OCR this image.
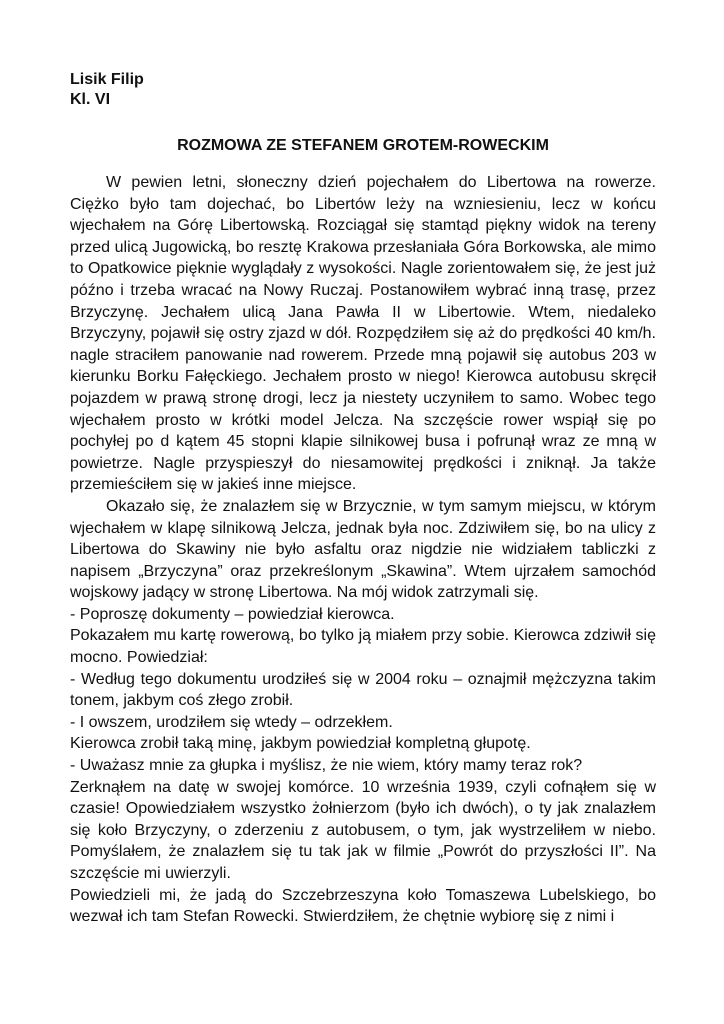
Lisik Filip
Kl. VI
ROZMOWA ZE STEFANEM GROTEM-ROWECKIM

W pewien letni, słoneczny dzień pojechałem do Libertowa na rowerze. Ciężko było tam dojechać, bo Libertów leży na wzniesieniu, lecz w końcu wjechałem na Górę Libertowską. Rozciągał się stamtąd piękny widok na tereny przed ulicą Jugowicką, bo resztę Krakowa przesłaniała Góra Borkowska, ale mimo to Opatkowice pięknie wyglądały z wysokości. Nagle zorientowałem się, że jest już późno i trzeba wracać na Nowy Ruczaj. Postanowiłem wybrać inną trasę, przez Brzyczynę. Jechałem ulicą Jana Pawła II w Libertowie. Wtem, niedaleko Brzyczyny, pojawił się ostry zjazd w dół. Rozpędziłem się aż do prędkości 40 km/h. nagle straciłem panowanie nad rowerem. Przede mną pojawił się autobus 203 w kierunku Borku Fałęckiego. Jechałem prosto w niego! Kierowca autobusu skręcił pojazdem w prawą stronę drogi, lecz ja niestety uczyniłem to samo. Wobec tego wjechałem prosto w krótki model Jelcza. Na szczęście rower wspiął się po pochyłej po d kątem 45 stopni klapie silnikowej busa i pofrunął wraz ze mną w powietrze. Nagle przyspieszył do niesamowitej prędkości i zniknął. Ja także przemieściłem się w jakieś inne miejsce.

Okazało się, że znalazłem się w Brzycznie, w tym samym miejscu, w którym wjechałem w klapę silnikową Jelcza, jednak była noc. Zdziwiłem się, bo na ulicy z Libertowa do Skawiny nie było asfaltu oraz nigdzie nie widziałem tabliczki z napisem „Brzyczyna” oraz przekreślonym „Skawina”. Wtem ujrzałem samochód wojskowy jadący w stronę Libertowa. Na mój widok zatrzymali się.

- Poproszę dokumenty – powiedział kierowca.

Pokazałem mu kartę rowerową, bo tylko ją miałem przy sobie. Kierowca zdziwił się mocno. Powiedział:

- Według tego dokumentu urodziłeś się w 2004 roku – oznajmił mężczyzna takim tonem, jakbym coś złego zrobił.

- I owszem, urodziłem się wtedy – odrzekłem.

Kierowca zrobił taką minę, jakbym powiedział kompletną głupotę.

- Uważasz mnie za głupka i myślisz, że nie wiem, który mamy teraz rok?

Zerknąłem na datę w swojej komórce. 10 września 1939, czyli cofnąłem się w czasie! Opowiedziałem wszystko żołnierzom (było ich dwóch), o ty jak znalazłem się koło Brzyczyny, o zderzeniu z autobusem, o tym, jak wystrzeliłem w niebo. Pomyślałem, że znalazłem się tu tak jak w filmie „Powrót do przyszłości II”. Na szczęście mi uwierzyli.

Powiedzieli mi, że jadą do Szczebrzeszyna koło Tomaszewa Lubelskiego, bo wezwał ich tam Stefan Rowecki. Stwierdziłem, że chętnie wybiorę się z nimi i
